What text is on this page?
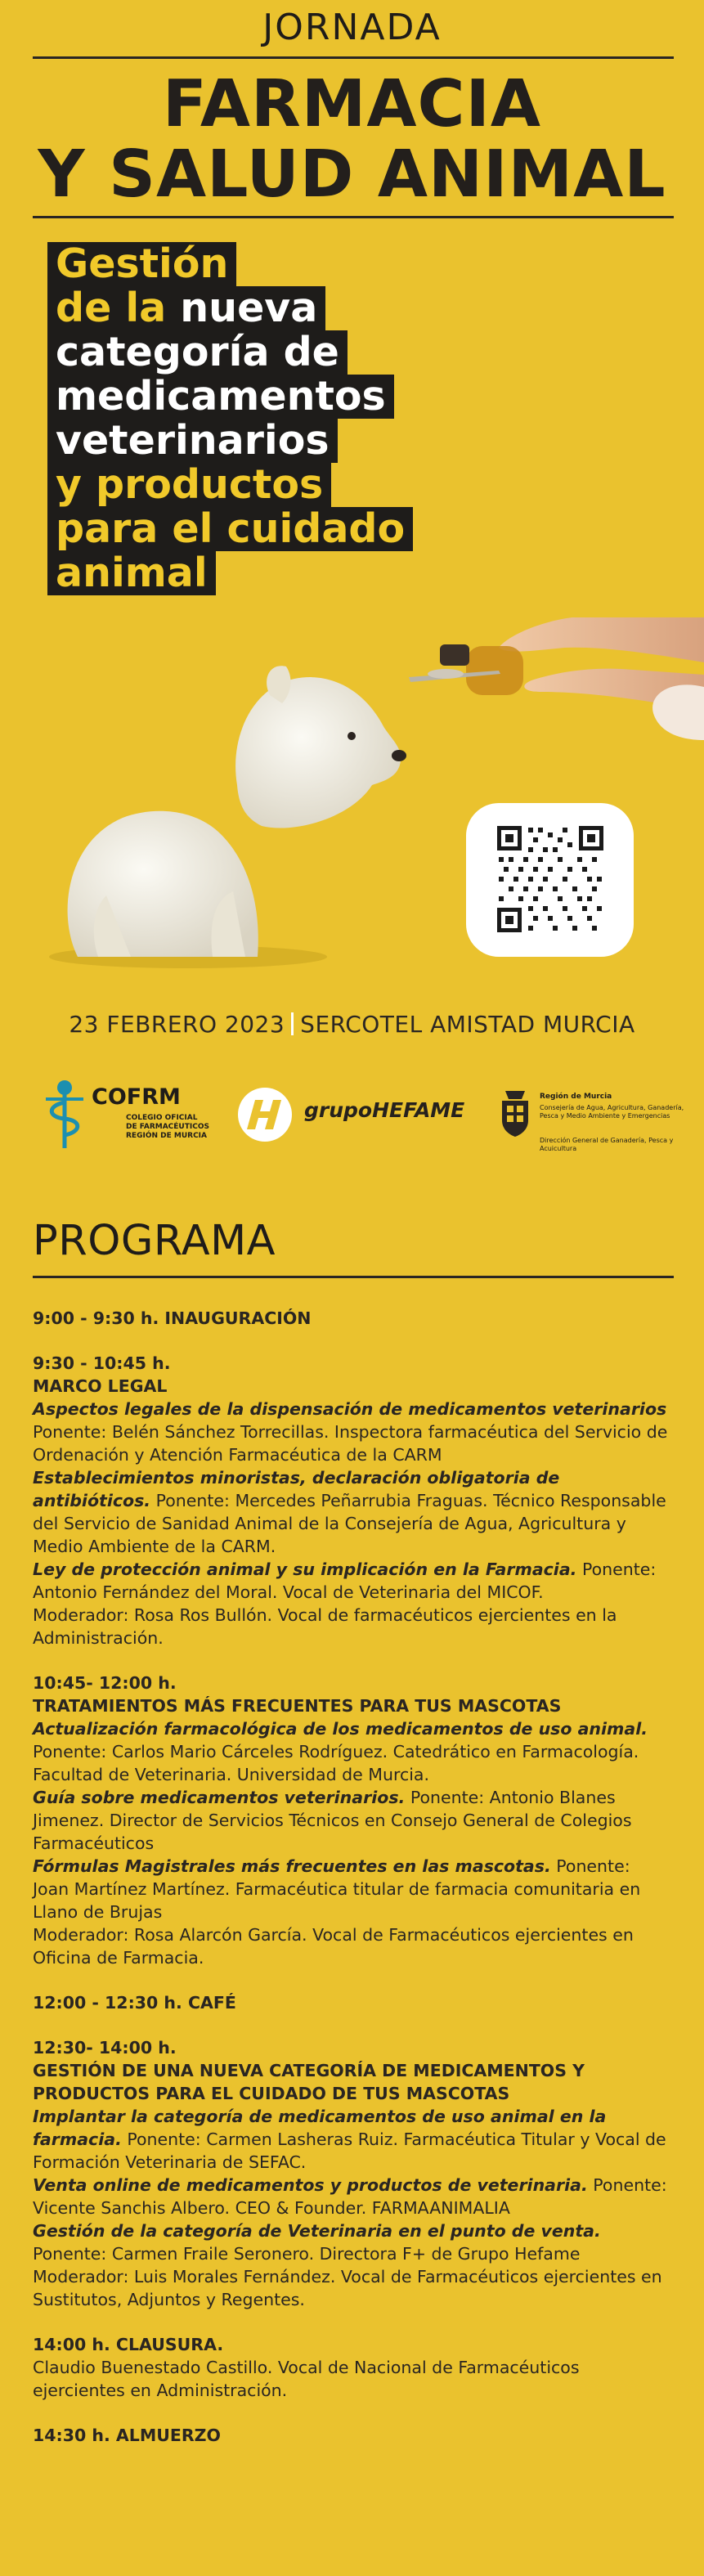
JORNADA
FARMACIA
Y SALUD ANIMAL
Gestión
de la nueva
categoría de
medicamentos
veterinarios
y productos
para el cuidado
animal
23 FEBRERO 2023 SERCOTEL AMISTAD MURCIA
COFRM
COLEGIO OFICIAL
DE FARMACÉUTICOS
REGIÓN DE MURCIA
grupoHEFAME
Región de Murcia
Consejería de Agua, Agricultura, Ganadería, Pesca y Medio Ambiente y Emergencias
Dirección General de Ganadería, Pesca y Acuicultura
PROGRAMA

9:00 - 9:30 h. INAUGURACIÓN

9:30 - 10:45 h.

MARCO LEGAL

Aspectos legales de la dispensación de medicamentos veterinarios Ponente: Belén Sánchez Torrecillas. Inspectora farmacéutica del Servicio de Ordenación y Atención Farmacéutica de la CARM

Establecimientos minoristas, declaración obligatoria de antibióticos. Ponente: Mercedes Peñarrubia Fraguas. Técnico Responsable del Servicio de Sanidad Animal de la Consejería de Agua, Agricultura y Medio Ambiente de la CARM.

Ley de protección animal y su implicación en la Farmacia. Ponente: Antonio Fernández del Moral. Vocal de Veterinaria del MICOF.

Moderador: Rosa Ros Bullón. Vocal de farmacéuticos ejercientes en la Administración.

10:45- 12:00 h.

TRATAMIENTOS MÁS FRECUENTES PARA TUS MASCOTAS

Actualización farmacológica de los medicamentos de uso animal. Ponente: Carlos Mario Cárceles Rodríguez. Catedrático en Farmacología. Facultad de Veterinaria. Universidad de Murcia.

Guía sobre medicamentos veterinarios. Ponente: Antonio Blanes Jimenez. Director de Servicios Técnicos en Consejo General de Colegios Farmacéuticos

Fórmulas Magistrales más frecuentes en las mascotas. Ponente: Joan Martínez Martínez. Farmacéutica titular de farmacia comunitaria en Llano de Brujas

Moderador: Rosa Alarcón García. Vocal de Farmacéuticos ejercientes en Oficina de Farmacia.

12:00 - 12:30 h. CAFÉ

12:30- 14:00 h.

GESTIÓN DE UNA NUEVA CATEGORÍA DE MEDICAMENTOS Y PRODUCTOS PARA EL CUIDADO DE TUS MASCOTAS

Implantar la categoría de medicamentos de uso animal en la farmacia. Ponente: Carmen Lasheras Ruiz. Farmacéutica Titular y Vocal de Formación Veterinaria de SEFAC.

Venta online de medicamentos y productos de veterinaria. Ponente: Vicente Sanchis Albero. CEO & Founder. FARMAANIMALIA

Gestión de la categoría de Veterinaria en el punto de venta. Ponente: Carmen Fraile Seronero. Directora F+ de Grupo Hefame

Moderador: Luis Morales Fernández. Vocal de Farmacéuticos ejercientes en Sustitutos, Adjuntos y Regentes.

14:00 h. CLAUSURA.

Claudio Buenestado Castillo. Vocal de Nacional de Farmacéuticos ejercientes en Administración.

14:30 h. ALMUERZO
